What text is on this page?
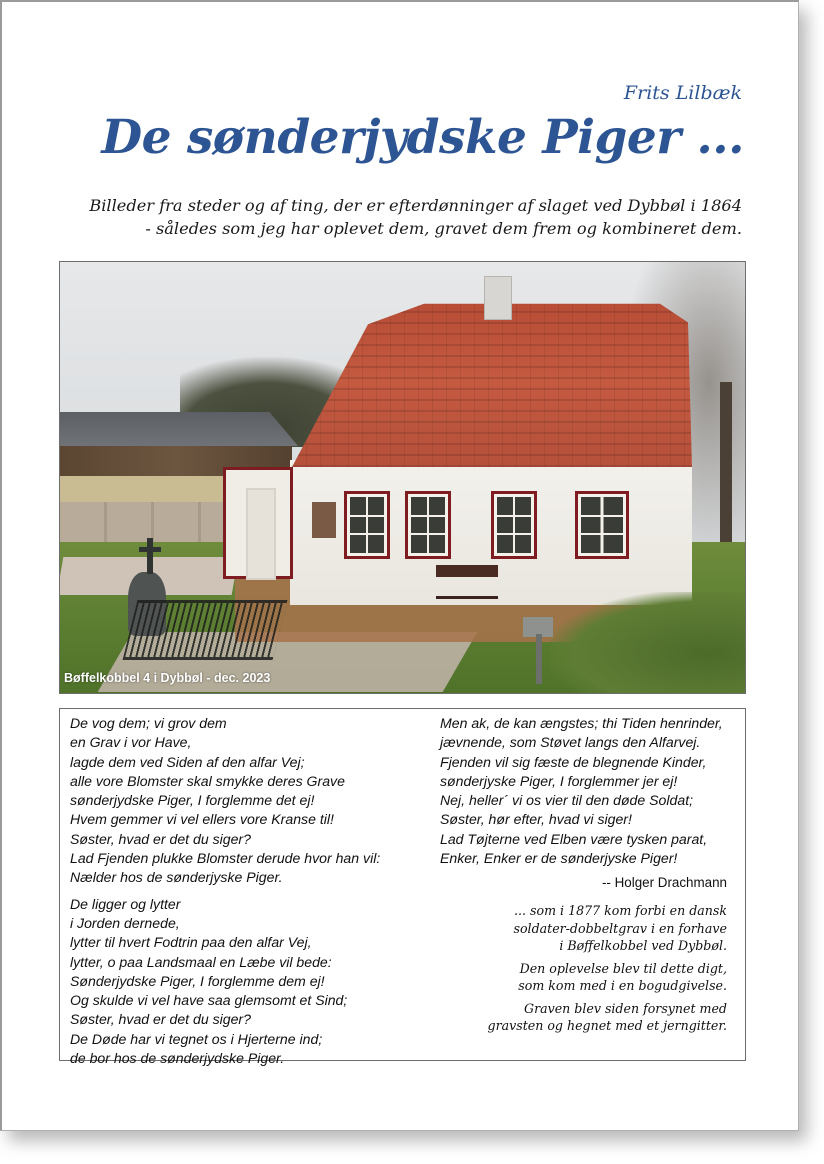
Frits Lilbæk
De sønderjydske Piger ...
Billeder fra steder og af ting, der er efterdønninger af slaget ved Dybbøl i 1864
- således som jeg har oplevet dem, gravet dem frem og kombineret dem.
Bøffelkobbel 4 i Dybbøl - dec. 2023
De vog dem; vi grov dem
en Grav i vor Have,
lagde dem ved Siden af den alfar Vej;
alle vore Blomster skal smykke deres Grave
sønderjydske Piger, I forglemme det ej!
Hvem gemmer vi vel ellers vore Kranse til!
Søster, hvad er det du siger?
Lad Fjenden plukke Blomster derude hvor han vil:
Nælder hos de sønderjyske Piger.
De ligger og lytter
i Jorden dernede,
lytter til hvert Fodtrin paa den alfar Vej,
lytter, o paa Landsmaal en Læbe vil bede:
Sønderjydske Piger, I forglemme dem ej!
Og skulde vi vel have saa glemsomt et Sind;
Søster, hvad er det du siger?
De Døde har vi tegnet os i Hjerterne ind;
de bor hos de sønderjydske Piger.
Men ak, de kan ængstes; thi Tiden henrinder,
jævnende, som Støvet langs den Alfarvej.
Fjenden vil sig fæste de blegnende Kinder,
sønderjyske Piger, I forglemmer jer ej!
Nej, heller´ vi os vier til den døde Soldat;
Søster, hør efter, hvad vi siger!
Lad Tøjterne ved Elben være tysken parat,
Enker, Enker er de sønderjyske Piger!
-- Holger Drachmann

... som i 1877 kom forbi en dansk
soldater-dobbeltgrav i en forhave
i Bøffelkobbel ved Dybbøl.

Den oplevelse blev til dette digt,
som kom med i en bogudgivelse.

Graven blev siden forsynet med
gravsten og hegnet med et jerngitter.
